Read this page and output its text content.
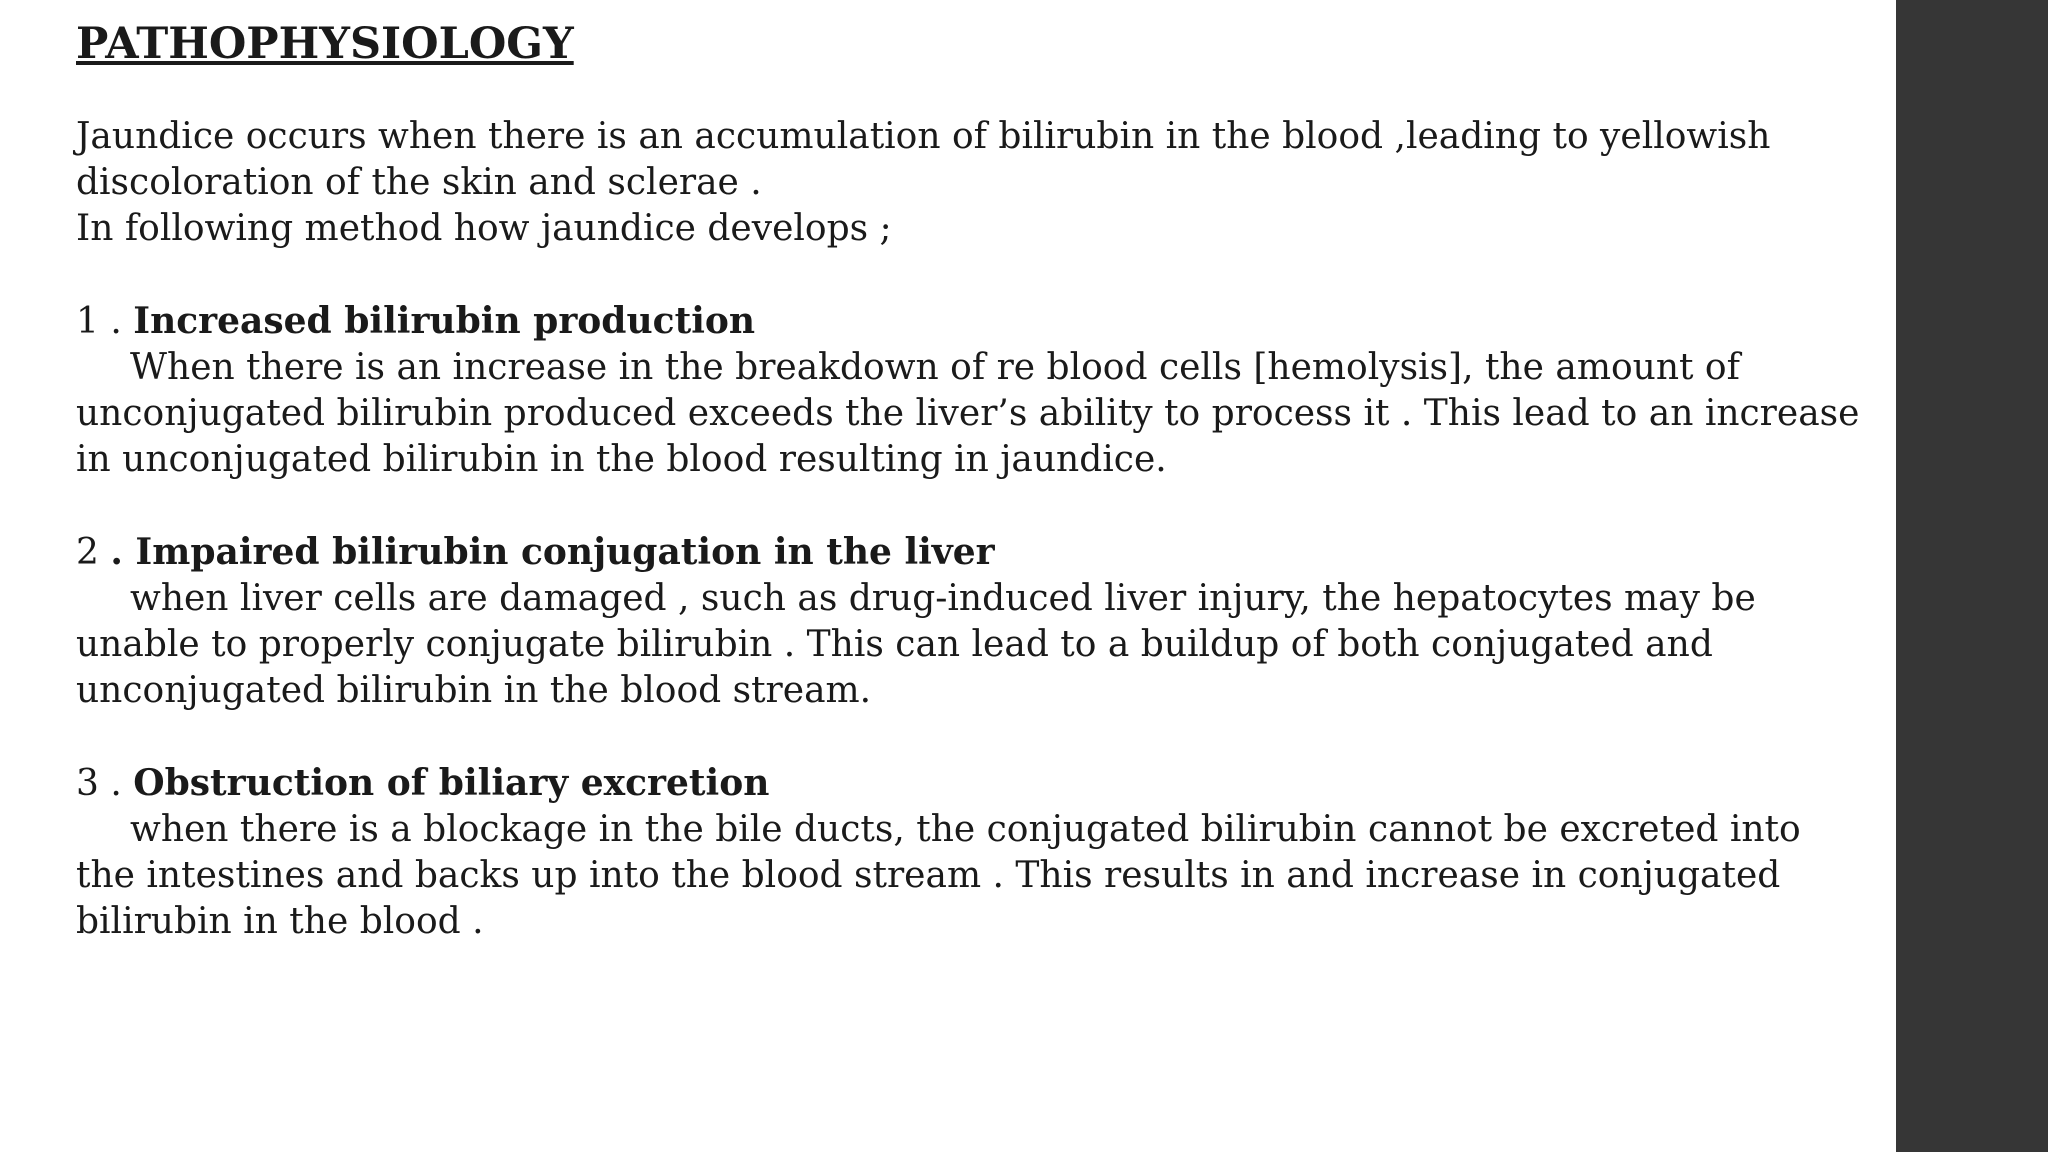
PATHOPHYSIOLOGY

Jaundice occurs when there is an accumulation of bilirubin in the blood ,leading to yellowish

discoloration of the skin and sclerae .

In following method how jaundice develops ;

1 . Increased bilirubin production

When there is an increase in the breakdown of re blood cells [hemolysis], the amount of

unconjugated bilirubin produced exceeds the liver’s ability to process it . This lead to an increase

in unconjugated bilirubin in the blood resulting in jaundice.

2 . Impaired bilirubin conjugation in the liver

when liver cells are damaged , such as drug-induced liver injury, the hepatocytes may be

unable to properly conjugate bilirubin . This can lead to a buildup of both conjugated and

unconjugated bilirubin in the blood stream.

3 . Obstruction of biliary excretion

when there is a blockage in the bile ducts, the conjugated bilirubin cannot be excreted into

the intestines and backs up into the blood stream . This results in and increase in conjugated

bilirubin in the blood .
